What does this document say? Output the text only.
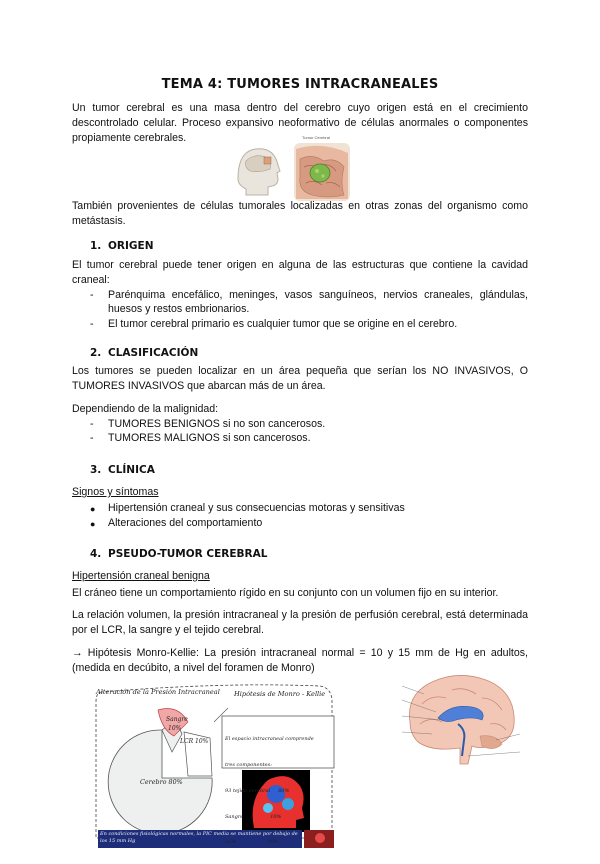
TEMA 4: TUMORES INTRACRANEALES
Un tumor cerebral es una masa dentro del cerebro cuyo origen está en el crecimiento descontrolado celular. Proceso expansivo neoformativo de células anormales o componentes propiamente cerebrales.	Tumor Cerebral
También provenientes de células tumorales localizadas en otras zonas del organismo como metástasis.
1. ORIGEN
El tumor cerebral puede tener origen en alguna de las estructuras que contiene la cavidad craneal:
- Parénquima encefálico, meninges, vasos sanguíneos, nervios craneales, glándulas, huesos y restos embrionarios.
- El tumor cerebral primario es cualquier tumor que se origine en el cerebro.
2. CLASIFICACIÓN
Los tumores se pueden localizar en un área pequeña que serían los NO INVASIVOS, O TUMORES INVASIVOS que abarcan más de un área.
Dependiendo de la malignidad:
- TUMORES BENIGNOS si no son cancerosos.
- TUMORES MALIGNOS si son cancerosos.
3. CLÍNICA
Signos y síntomas
● Hipertensión craneal y sus consecuencias motoras y sensitivas
● Alteraciones del comportamiento
4. PSEUDO-TUMOR CEREBRAL
Hipertensión craneal benigna
El cráneo tiene un comportamiento rígido en su conjunto con un volumen fijo en su interior.
La relación volumen, la presión intracraneal y la presión de perfusión cerebral, está determinada por el LCR, la sangre y el tejido cerebral.
→ Hipótesis Monro-Kellie: La presión intracraneal normal = 10 y 15 mm de Hg en adultos, (medida en decúbito, a nivel del foramen de Monro)
Alteración de la Presión Intracraneal Hipótesis de Monro - Kellie
Sangre
10%
LCR 10%
Cerebro 80%

El espacio intracraneal comprende

tres componentes:

93 tejido cerebral     80%

Sangre                 10%

LCR                    10%

En condiciones fisiológicas normales, la PIC media se mantiene por debajo de los 15 mm Hg
